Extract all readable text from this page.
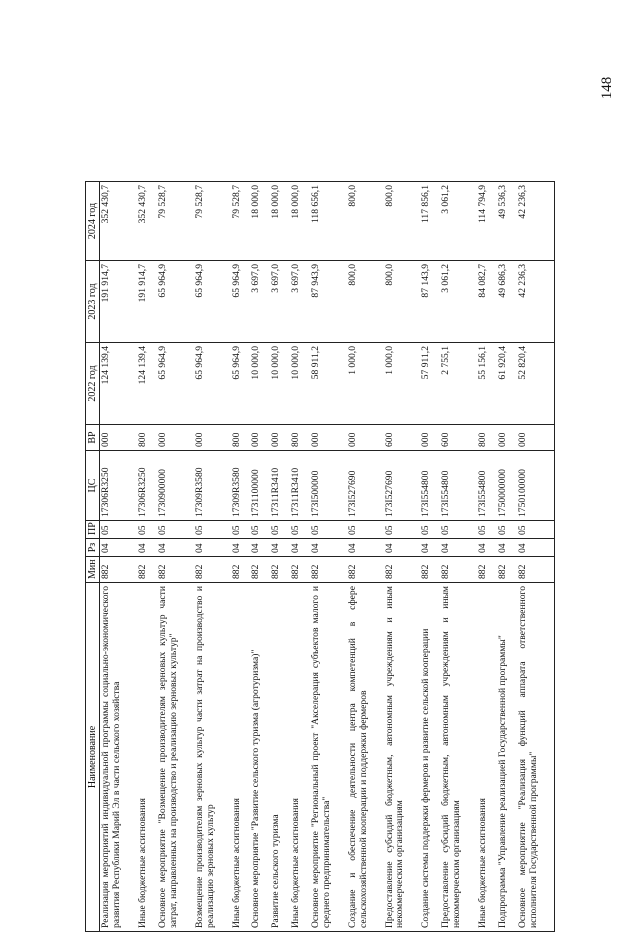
148
Наименование	Мин	Рз	ПР	ЦС	ВР	2022 год	2023 год	2024 год
Реализация мероприятий индивидуальной программы социально-экономического развития Республики Марий Эл в части сельского хозяйства	882	04	05	17306R3250	000	124 139,4	191 914,7	352 430,7
Иные бюджетные ассигнования	882	04	05	17306R3250	800	124 139,4	191 914,7	352 430,7
Основное мероприятие "Возмещение производителям зерновых культур части затрат, направленных на производство и реализацию зерновых культур"	882	04	05	1730900000	000	65 964,9	65 964,9	79 528,7
Возмещение производителям зерновых культур части затрат на производство и реализацию зерновых культур	882	04	05	17309R3580	000	65 964,9	65 964,9	79 528,7
Иные бюджетные ассигнования	882	04	05	17309R3580	800	65 964,9	65 964,9	79 528,7
Основное мероприятие "Развитие сельского туризма (агротуризма)"	882	04	05	1731100000	000	10 000,0	3 697,0	18 000,0
Развитие сельского туризма	882	04	05	17311R3410	000	10 000,0	3 697,0	18 000,0
Иные бюджетные ассигнования	882	04	05	17311R3410	800	10 000,0	3 697,0	18 000,0
Основное мероприятие "Региональный проект "Акселерация субъектов малого и среднего предпринимательства"	882	04	05	173I500000	000	58 911,2	87 943,9	118 656,1
Создание и обеспечение деятельности центра компетенций в сфере сельскохозяйственной кооперации и поддержки фермеров	882	04	05	173I527690	000	1 000,0	800,0	800,0
Предоставление субсидий бюджетным, автономным учреждениям и иным некоммерческим организациям	882	04	05	173I527690	600	1 000,0	800,0	800,0
Создание системы поддержки фермеров и развитие сельской кооперации	882	04	05	173I554800	000	57 911,2	87 143,9	117 856,1
Предоставление субсидий бюджетным, автономным учреждениям и иным некоммерческим организациям	882	04	05	173I554800	600	2 755,1	3 061,2	3 061,2
Иные бюджетные ассигнования	882	04	05	173I554800	800	55 156,1	84 082,7	114 794,9
Подпрограмма "Управление реализацией Государственной программы"	882	04	05	1750000000	000	61 920,4	49 686,3	49 536,3
Основное мероприятие "Реализация функций аппарата ответственного исполнителя Государственной программы"	882	04	05	1750100000	000	52 820,4	42 236,3	42 236,3
